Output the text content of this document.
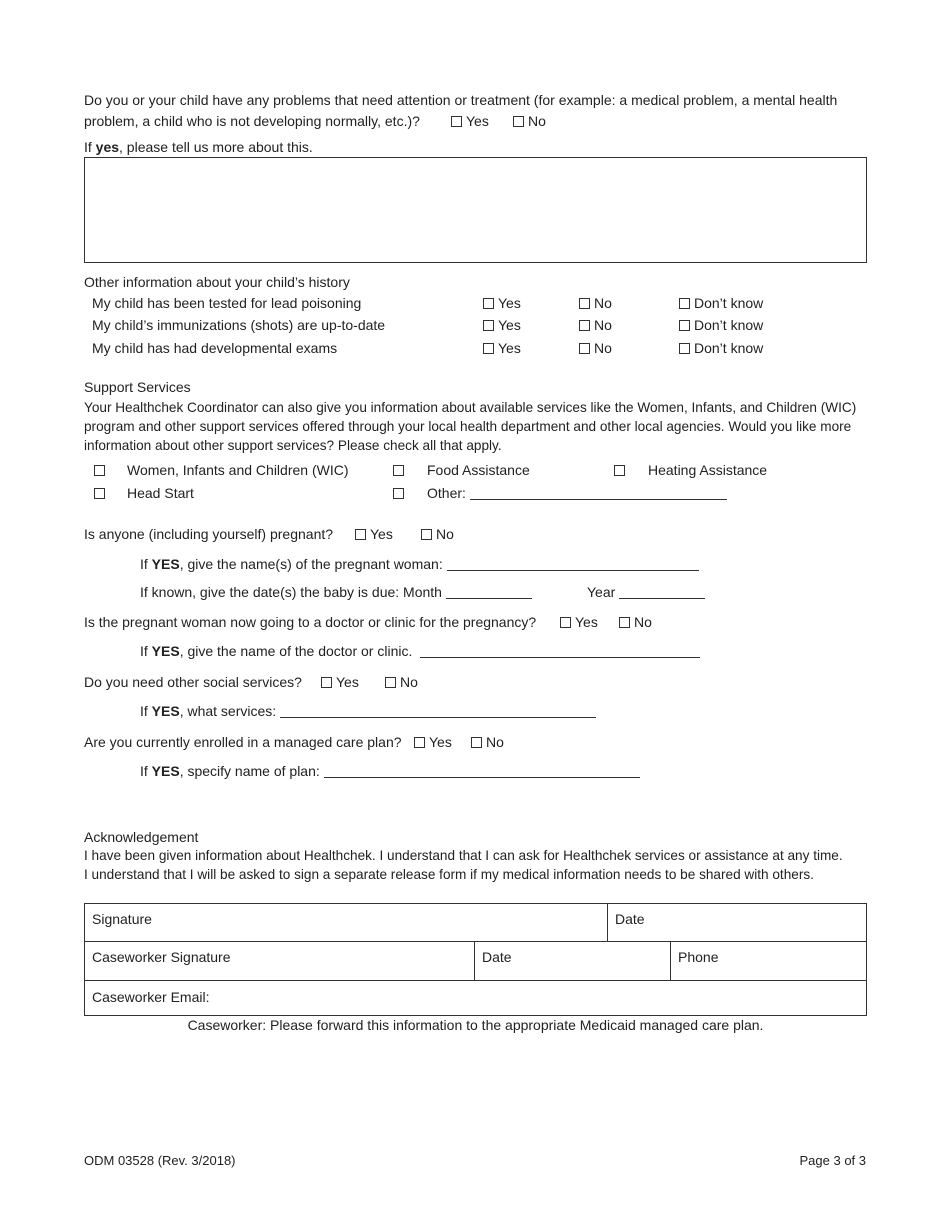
Do you or your child have any problems that need attention or treatment (for example: a medical problem, a mental health
problem, a child who is not developing normally, etc.)?	Yes	No
If yes, please tell us more about this.
Other information about your child’s history
My child has been tested for lead poisoning	Yes	No	Don’t know
My child’s immunizations (shots) are up-to-date	Yes	No	Don’t know
My child has had developmental exams	Yes	No	Don’t know
Support Services
Your Healthchek Coordinator can also give you information about available services like the Women, Infants, and Children (WIC) program and other support services offered through your local health department and other local agencies. Would you like more information about other support services? Please check all that apply.
Women, Infants and Children (WIC)	Food Assistance	Heating Assistance
Head Start	Other:
Is anyone (including yourself) pregnant?	Yes	No
If YES, give the name(s) of the pregnant woman:
If known, give the date(s) the baby is due: Month	Year
Is the pregnant woman now going to a doctor or clinic for the pregnancy?	Yes	No
If YES, give the name of the doctor or clinic.
Do you need other social services?	Yes	No
If YES, what services:
Are you currently enrolled in a managed care plan?	Yes	No
If YES, specify name of plan:
Acknowledgement
I have been given information about Healthchek. I understand that I can ask for Healthchek services or assistance at any time.
I understand that I will be asked to sign a separate release form if my medical information needs to be shared with others.
Signature	Date
Caseworker Signature	Date	Phone
Caseworker Email:
Caseworker: Please forward this information to the appropriate Medicaid managed care plan.
ODM 03528 (Rev. 3/2018)	Page 3 of 3
